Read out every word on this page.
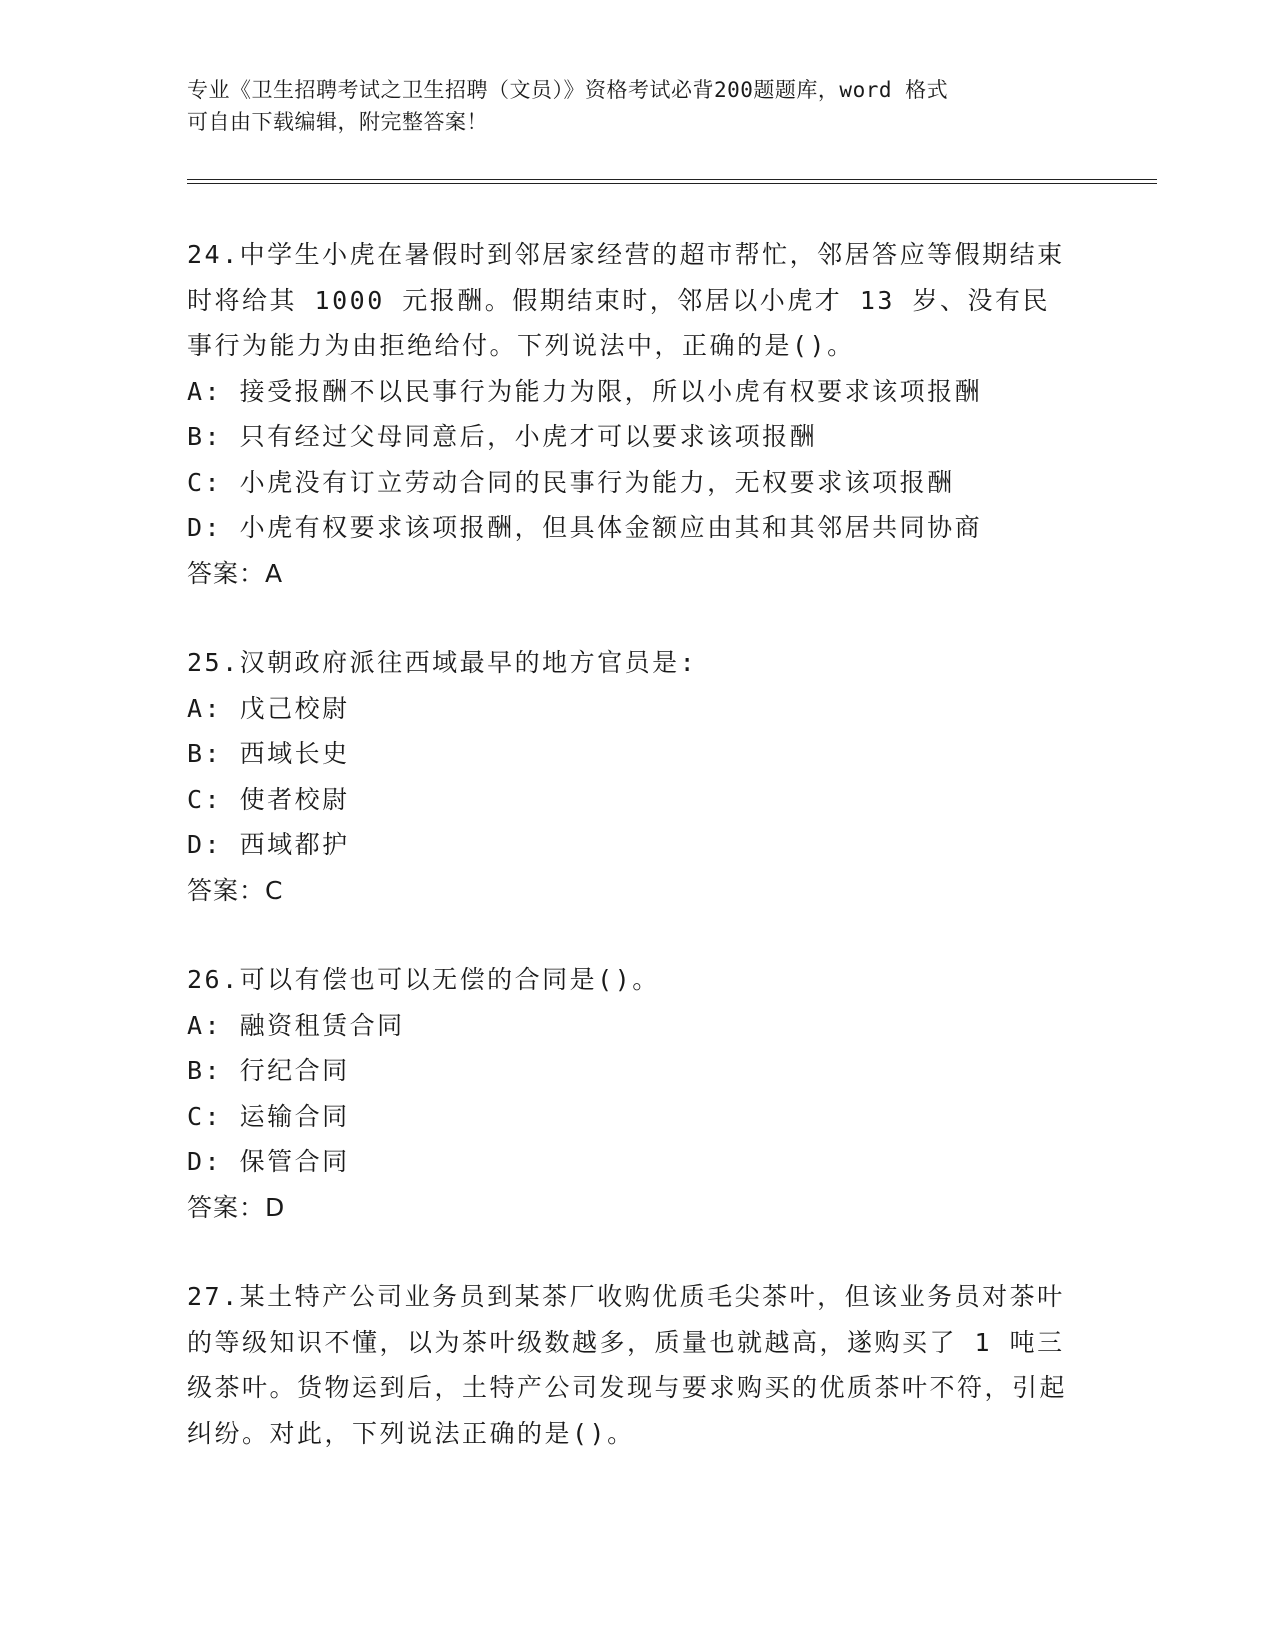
专业《卫生招聘考试之卫生招聘（文员）》资格考试必背200题题库，word 格式
可自由下载编辑，附完整答案！
24.中学生小虎在暑假时到邻居家经营的超市帮忙，邻居答应等假期结束时将给其 1000 元报酬。假期结束时，邻居以小虎才 13 岁、没有民事行为能力为由拒绝给付。下列说法中，正确的是()。
A: 接受报酬不以民事行为能力为限，所以小虎有权要求该项报酬
B: 只有经过父母同意后，小虎才可以要求该项报酬
C: 小虎没有订立劳动合同的民事行为能力，无权要求该项报酬
D: 小虎有权要求该项报酬，但具体金额应由其和其邻居共同协商
答案：A
25.汉朝政府派往西域最早的地方官员是:
A: 戊己校尉
B: 西域长史
C: 使者校尉
D: 西域都护
答案：C
26.可以有偿也可以无偿的合同是()。
A: 融资租赁合同
B: 行纪合同
C: 运输合同
D: 保管合同
答案：D
27.某土特产公司业务员到某茶厂收购优质毛尖茶叶，但该业务员对茶叶的等级知识不懂，以为茶叶级数越多，质量也就越高，遂购买了 1 吨三级茶叶。货物运到后，土特产公司发现与要求购买的优质茶叶不符，引起纠纷。对此，下列说法正确的是()。
